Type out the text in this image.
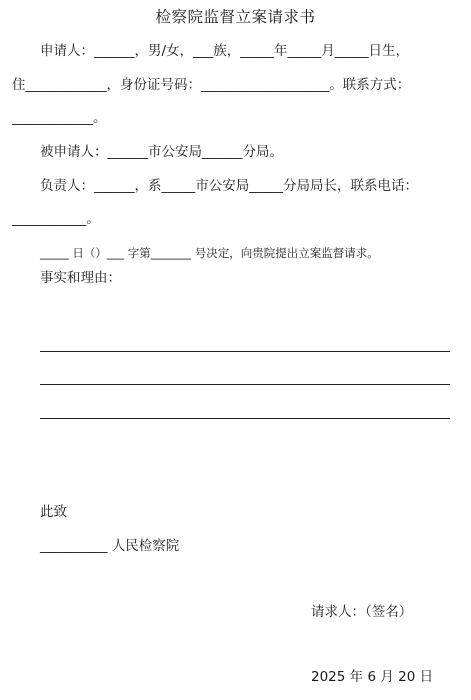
检察院监督立案请求书
申请人：______，男/女，___族，_____年_____月_____日生，
住____________，身份证号码：___________________。联系方式：
____________。
被申请人：______市公安局______分局。
负责人：______，系_____市公安局_____分局局长，联系电话：
___________。
_____ 日（）___ 字第_______ 号决定，向贵院提出立案监督请求。
事实和理由：
此致
__________ 人民检察院
请求人：（签名）
2025 年 6 月 20 日
